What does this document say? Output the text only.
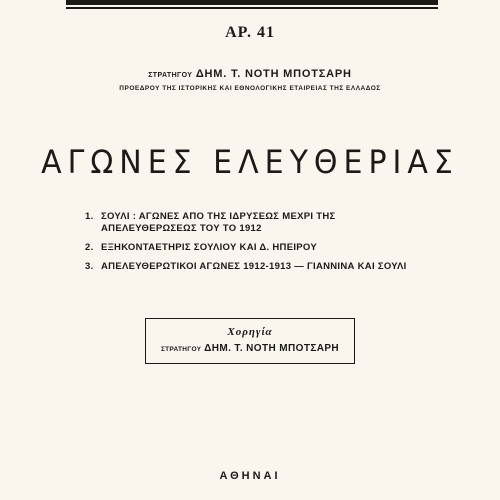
ΑΡ. 41
ΣΤΡΑΤΗΓΟΥ ΔΗΜ. Τ. ΝΟΤΗ ΜΠΟΤΣΑΡΗ
ΠΡΟΕΔΡΟΥ ΤΗΣ ΙΣΤΟΡΙΚΗΣ ΚΑΙ ΕΘΝΟΛΟΓΙΚΗΣ ΕΤΑΙΡΕΙΑΣ ΤΗΣ ΕΛΛΑΔΟΣ
ΑΓΩΝΕΣ ΕΛΕΥΘΕΡΙΑΣ
1. ΣΟΥΛΙ : ΑΓΩΝΕΣ ΑΠΟ ΤΗΣ ΙΔΡΥΣΕΩΣ ΜΕΧΡΙ ΤΗΣ ΑΠΕΛΕΥΘΕΡΩΣΕΩΣ ΤΟΥ ΤΟ 1912
2. ΕΞΗΚΟΝΤΑΕΤΗΡΙΣ ΣΟΥΛΙΟΥ ΚΑΙ Δ. ΗΠΕΙΡΟΥ
3. ΑΠΕΛΕΥΘΕΡΩΤΙΚΟΙ ΑΓΩΝΕΣ 1912-1913 — ΓΙΑΝΝΙΝΑ ΚΑΙ ΣΟΥΛΙ
Χορηγία
ΣΤΡΑΤΗΓΟΥ ΔΗΜ. Τ. ΝΟΤΗ ΜΠΟΤΣΑΡΗ
ΑΘΗΝΑΙ
